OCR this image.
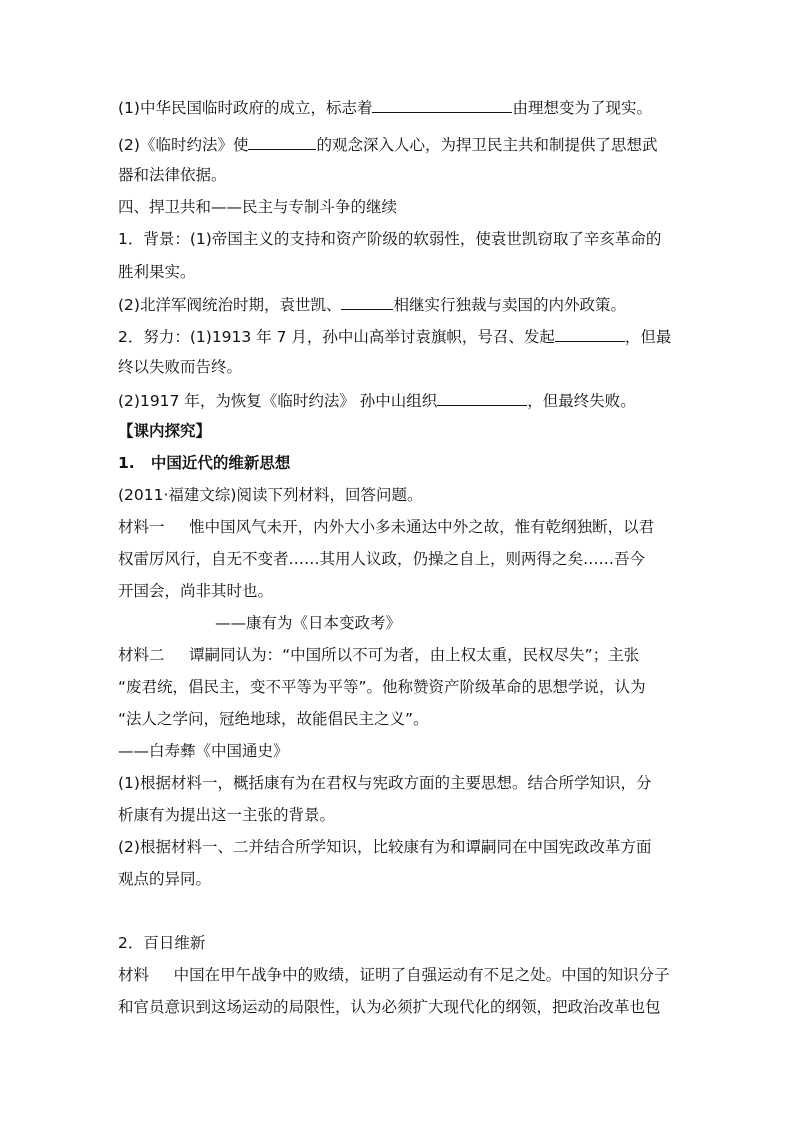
(1)中华民国临时政府的成立，标志着	由理想变为了现实。
(2)《临时约法》使	的观念深入人心，为捍卫民主共和制提供了思想武
器和法律依据。
四、捍卫共和——民主与专制斗争的继续
1．背景：(1)帝国主义的支持和资产阶级的软弱性，使袁世凯窃取了辛亥革命的
胜利果实。
(2)北洋军阀统治时期，袁世凯、	相继实行独裁与卖国的内外政策。
2．努力：(1)1913 年 7 月，孙中山高举讨袁旗帜，号召、发起	，但最
终以失败而告终。
(2)1917 年，为恢复《临时约法》 孙中山组织	，但最终失败。
【课内探究】
1.   中国近代的维新思想
(2011·福建文综)阅读下列材料，回答问题。
材料一     惟中国风气未开，内外大小多未通达中外之故，惟有乾纲独断，以君
权雷厉风行，自无不变者……其用人议政，仍操之自上，则两得之矣……吾今
开国会，尚非其时也。
——康有为《日本变政考》
材料二     谭嗣同认为：“中国所以不可为者，由上权太重，民权尽失”；主张
“废君统，倡民主，变不平等为平等”。他称赞资产阶级革命的思想学说，认为
“法人之学问，冠绝地球，故能倡民主之义”。
——白寿彝《中国通史》
(1)根据材料一，概括康有为在君权与宪政方面的主要思想。结合所学知识，分
析康有为提出这一主张的背景。
(2)根据材料一、二并结合所学知识，比较康有为和谭嗣同在中国宪政改革方面
观点的异同。
2．百日维新
材料     中国在甲午战争中的败绩，证明了自强运动有不足之处。中国的知识分子
和官员意识到这场运动的局限性，认为必须扩大现代化的纲领，把政治改革也包
